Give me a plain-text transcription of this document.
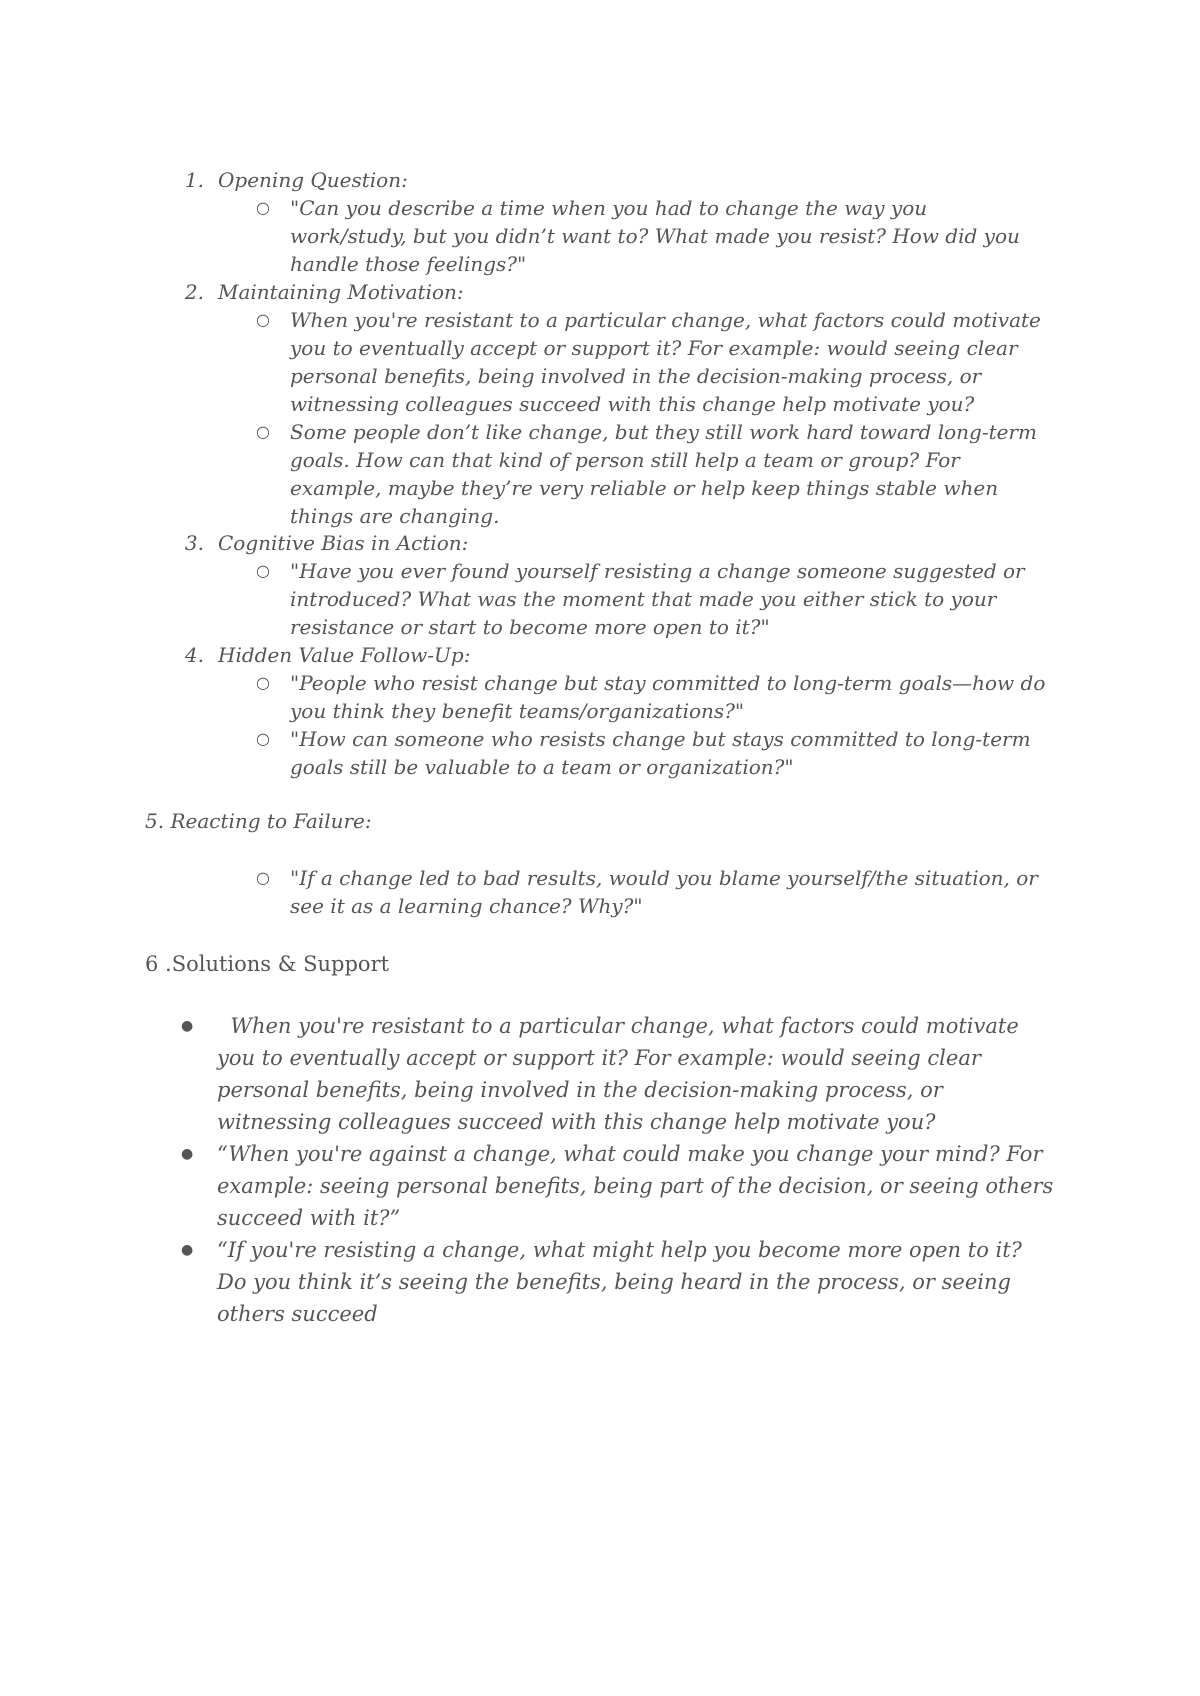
1. Opening Question:
○ "Can you describe a time when you had to change the way you work/study, but you didn’t want to? What made you resist? How did you handle those feelings?"
2. Maintaining Motivation:
○ When you're resistant to a particular change, what factors could motivate you to eventually accept or support it? For example: would seeing clear personal benefits, being involved in the decision-making process, or witnessing colleagues succeed with this change help motivate you?
○ Some people don’t like change, but they still work hard toward long-term goals. How can that kind of person still help a team or group? For example, maybe they’re very reliable or help keep things stable when things are changing.
3. Cognitive Bias in Action:
○ "Have you ever found yourself resisting a change someone suggested or introduced? What was the moment that made you either stick to your resistance or start to become more open to it?"
4. Hidden Value Follow-Up:
○ "People who resist change but stay committed to long-term goals—how do you think they benefit teams/organizations?"
○ "How can someone who resists change but stays committed to long-term goals still be valuable to a team or organization?"
5. Reacting to Failure:
○ "If a change led to bad results, would you blame yourself/the situation, or see it as a learning chance? Why?"
6 .Solutions & Support
● When you're resistant to a particular change, what factors could motivate you to eventually accept or support it? For example: would seeing clear personal benefits, being involved in the decision-making process, or witnessing colleagues succeed with this change help motivate you?
● “When you're against a change, what could make you change your mind? For example: seeing personal benefits, being part of the decision, or seeing others succeed with it?”
● “If you're resisting a change, what might help you become more open to it? Do you think it’s seeing the benefits, being heard in the process, or seeing others succeed
